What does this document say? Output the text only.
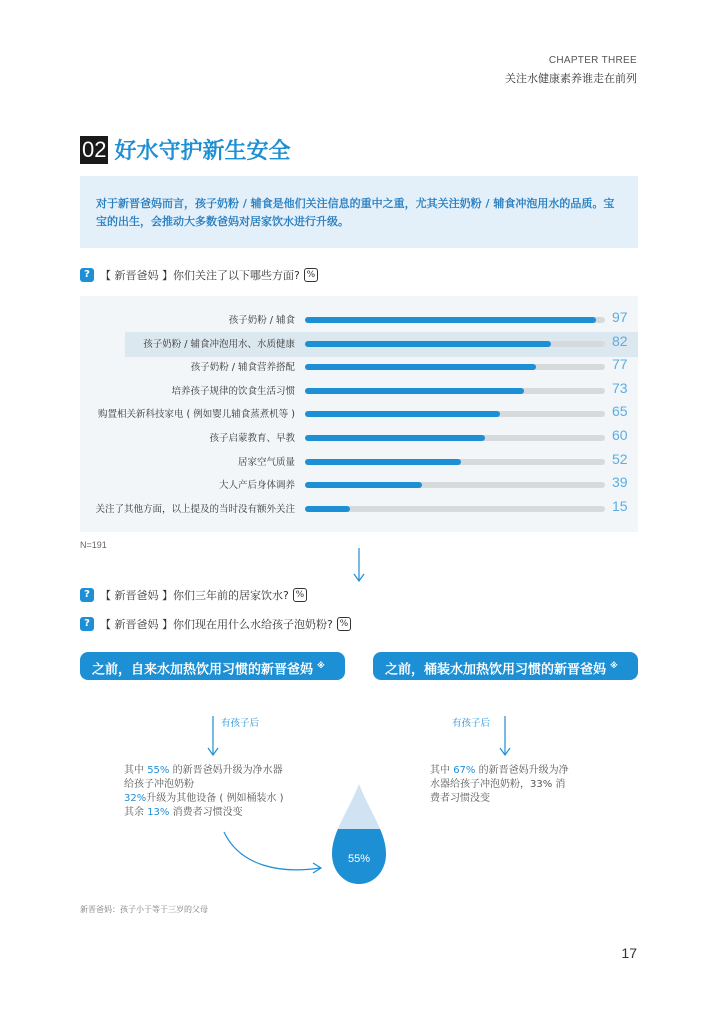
CHAPTER THREE
关注水健康素养谁走在前列
02 好水守护新生安全
对于新晋爸妈而言，孩子奶粉 / 辅食是他们关注信息的重中之重，尤其关注奶粉 / 辅食冲泡用水的品质。宝宝的出生，会推动大多数爸妈对居家饮水进行升级。
? 【 新晋爸妈 】你们关注了以下哪些方面? %
孩子奶粉 / 辅食	97
孩子奶粉 / 辅食冲泡用水、水质健康	82
孩子奶粉 / 辅食营养搭配	77
培养孩子规律的饮食生活习惯	73
购置相关新科技家电 ( 例如婴儿辅食蒸煮机等 )	65
孩子启蒙教育、早教	60
居家空气质量	52
大人产后身体调养	39
关注了其他方面，以上提及的当时没有额外关注	15
N=191
? 【 新晋爸妈 】你们三年前的居家饮水? %
? 【 新晋爸妈 】你们现在用什么水给孩子泡奶粉? %
之前，自来水加热饮用习惯的新晋爸妈 ※
有孩子后
其中 55% 的新晋爸妈升级为净水器
给孩子冲泡奶粉
32%升级为其他设备 ( 例如桶装水 )
其余 13% 消费者习惯没变
55%
之前，桶装水加热饮用习惯的新晋爸妈 ※
有孩子后
其中 67% 的新晋爸妈升级为净
水器给孩子冲泡奶粉，33% 消
费者习惯没变
新晋爸妈：孩子小于等于三岁的父母
17
